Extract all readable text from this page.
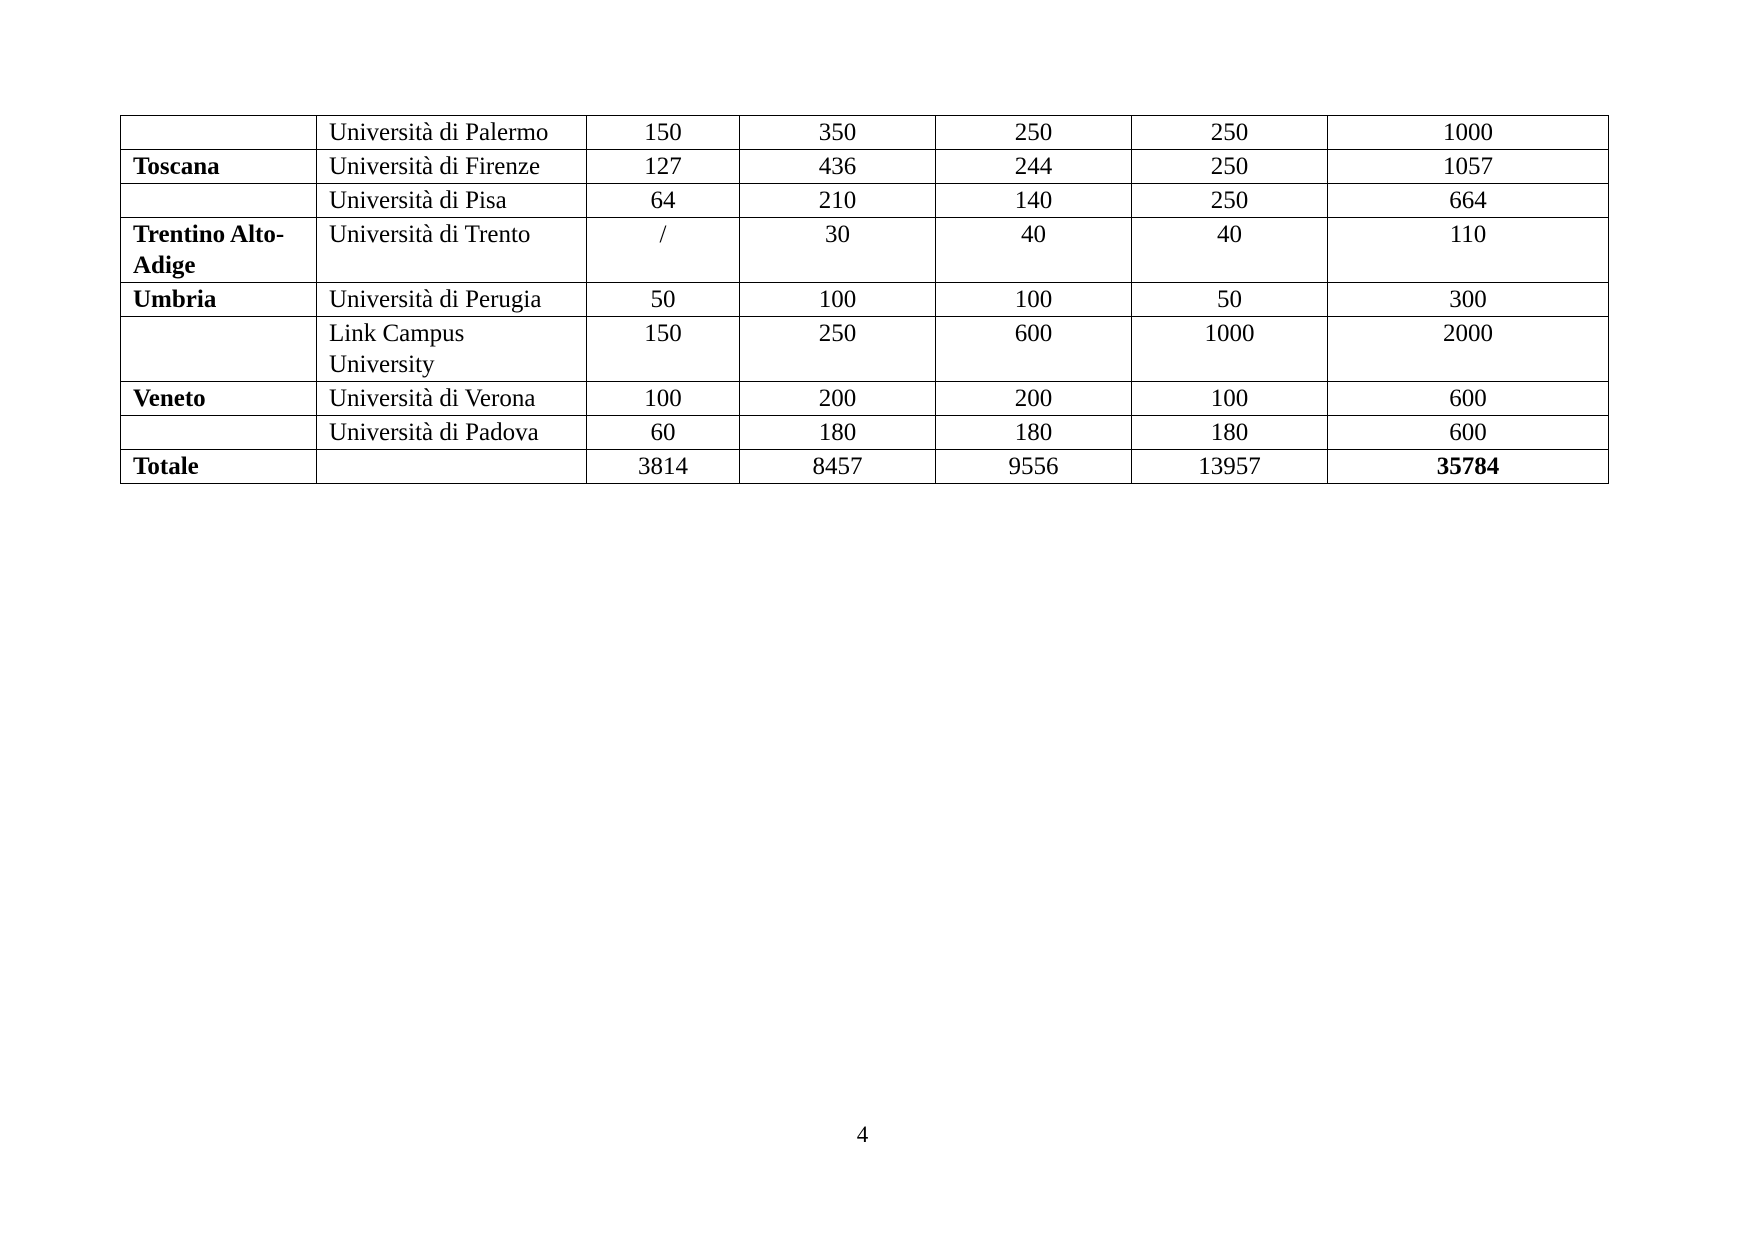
	Università di Palermo	150	350	250	250	1000
Toscana	Università di Firenze	127	436	244	250	1057
	Università di Pisa	64	210	140	250	664
Trentino Alto-Adige	Università di Trento	/	30	40	40	110
Umbria	Università di Perugia	50	100	100	50	300
	Link Campus University	150	250	600	1000	2000
Veneto	Università di Verona	100	200	200	100	600
	Università di Padova	60	180	180	180	600
Totale		3814	8457	9556	13957	35784
4
